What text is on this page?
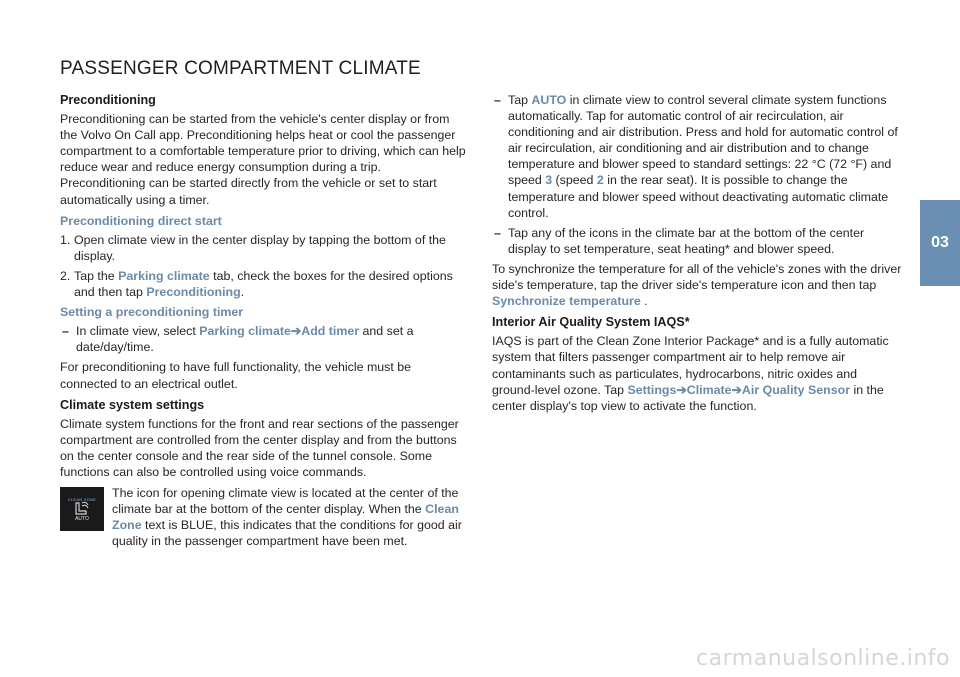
PASSENGER COMPARTMENT CLIMATE
Preconditioning

Preconditioning can be started from the vehicle's center display or from the Volvo On Call app. Preconditioning helps heat or cool the passenger compartment to a comfortable temperature prior to driving, which can help reduce wear and reduce energy consumption during a trip. Preconditioning can be started directly from the vehicle or set to start automatically using a timer.

Preconditioning direct start
1. Open climate view in the center display by tapping the bottom of the display.
2. Tap the Parking climate tab, check the boxes for the desired options and then tap Preconditioning.
Setting a preconditioning timer
– In climate view, select Parking climate➔Add timer and set a date/day/time.

For preconditioning to have full functionality, the vehicle must be connected to an electrical outlet.

Climate system settings

Climate system functions for the front and rear sections of the passenger compartment are controlled from the center display and from the buttons on the center console and the rear side of the tunnel console. Some functions can also be controlled using voice commands.

CLEAN ZONE
AUTO
The icon for opening climate view is located at the center of the climate bar at the bottom of the center display. When the Clean Zone text is BLUE, this indicates that the conditions for good air quality in the passenger compartment have been met.
– Tap AUTO in climate view to control several climate system functions automatically. Tap for automatic control of air recirculation, air conditioning and air distribution. Press and hold for automatic control of air recirculation, air conditioning and air distribution and to change temperature and blower speed to standard settings: 22 °C (72 °F) and speed 3 (speed 2 in the rear seat). It is possible to change the temperature and blower speed without deactivating automatic climate control.
– Tap any of the icons in the climate bar at the bottom of the center display to set temperature, seat heating* and blower speed.

To synchronize the temperature for all of the vehicle's zones with the driver side's temperature, tap the driver side's temperature icon and then tap Synchronize temperature .

Interior Air Quality System IAQS*

IAQS is part of the Clean Zone Interior Package* and is a fully automatic system that filters passenger compartment air to help remove air contaminants such as particulates, hydrocarbons, nitric oxides and ground-level ozone. Tap Settings➔Climate➔Air Quality Sensor in the center display's top view to activate the function.

03
carmanualsonline.info
